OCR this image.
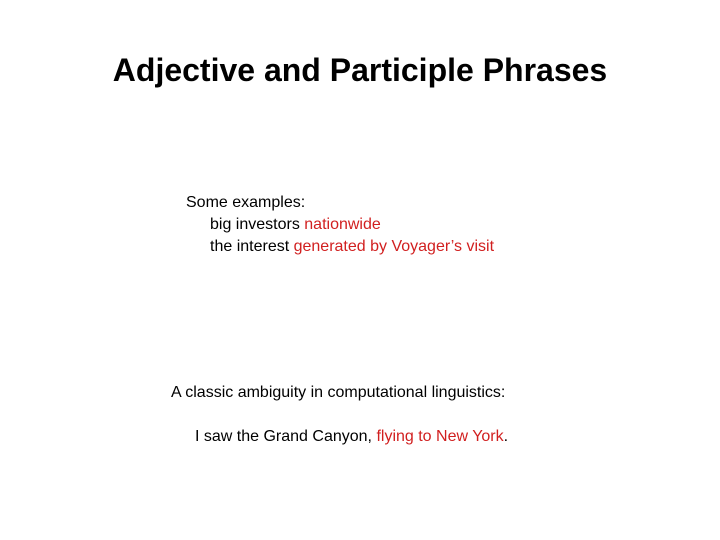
Adjective and Participle Phrases
Some examples:
big investors nationwide
the interest generated by Voyager’s visit
A classic ambiguity in computational linguistics:
I saw the Grand Canyon, flying to New York.
